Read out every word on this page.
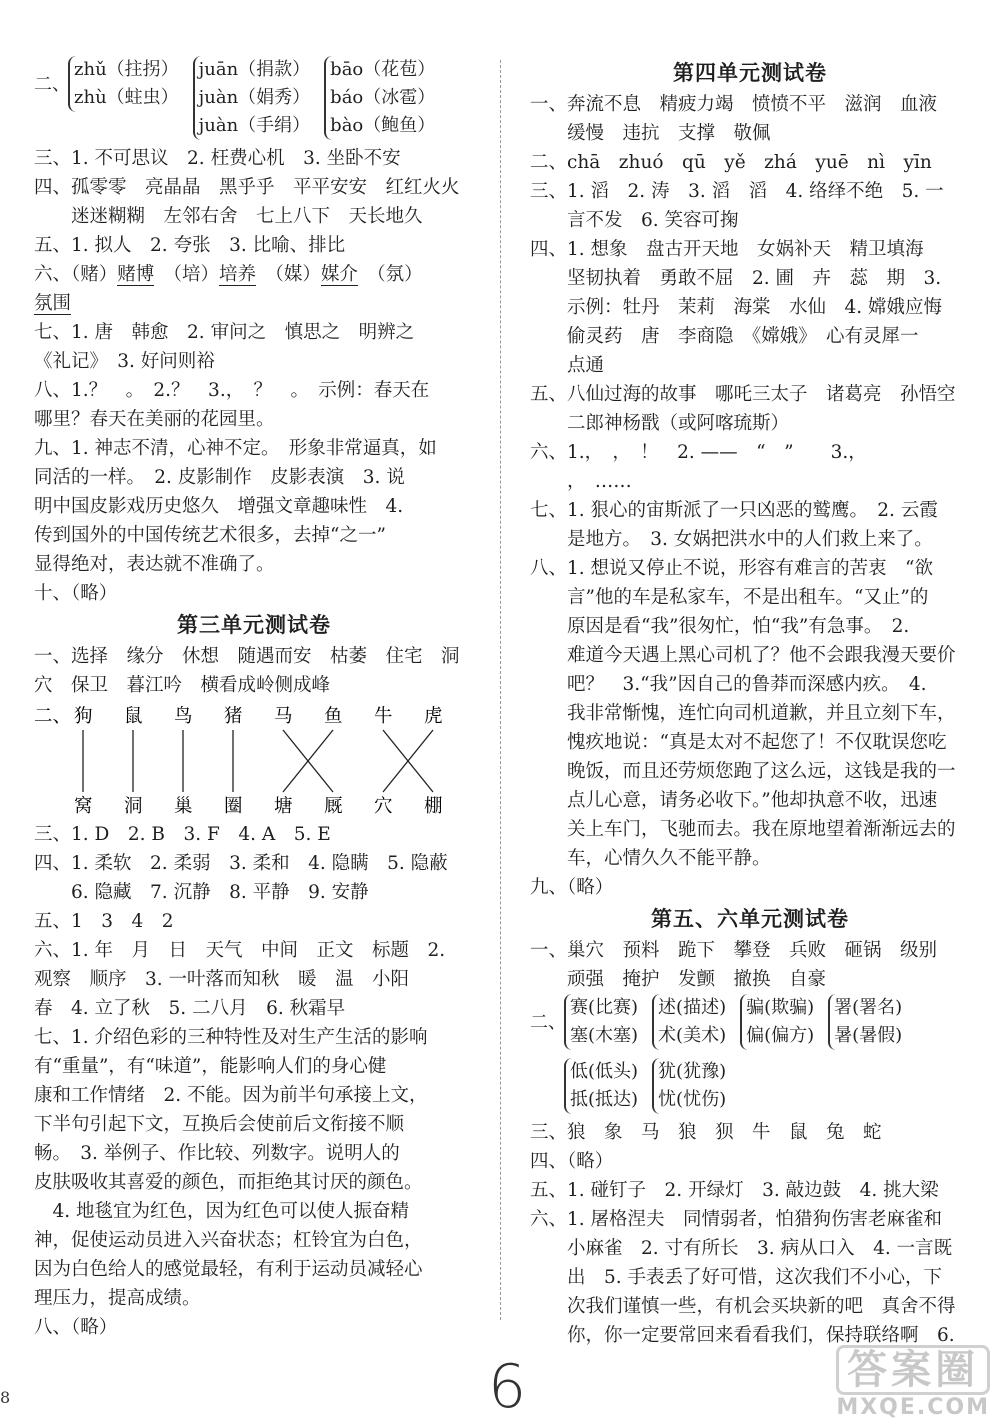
二、
zhǔ（拄拐）
zhù（蛀虫）
juān（捐款）
juàn（娟秀）
juàn（手绢）
bāo（花苞）
báo（冰雹）
bào（鲍鱼）
三、1. 不可思议　2. 枉费心机　3. 坐卧不安
四、孤零零　亮晶晶　黑乎乎　平平安安　红红火火
　　迷迷糊糊　左邻右舍　七上八下　天长地久
五、1. 拟人　2. 夸张　3. 比喻、排比
六、（赌）赌博　（培）培养　（媒）媒介　（氛）
氛围
七、1. 唐　韩愈　2. 审问之　慎思之　明辨之
《礼记》　3. 好问则裕
八、1.？　。　2.？　3.，　？　。　示例：春天在
哪里？春天在美丽的花园里。
九、1. 神志不清，心神不定。　形象非常逼真，如
同活的一样。　2. 皮影制作　皮影表演　3. 说
明中国皮影戏历史悠久　增强文章趣味性　4.
传到国外的中国传统艺术很多，去掉“之一”
显得绝对，表达就不准确了。
十、（略）
第三单元测试卷
一、选择　缘分　休想　随遇而安　枯萎　住宅　洞
穴　保卫　暮江吟　横看成岭侧成峰
二、 狗 鼠 鸟 猪 马 鱼 牛 虎
窝 洞 巢 圈 塘 厩 穴 棚
三、1. D　2. B　3. F　4. A　5. E
四、1. 柔软　2. 柔弱　3. 柔和　4. 隐瞒　5. 隐蔽
　　6. 隐藏　7. 沉静　8. 平静　9. 安静
五、1　3　4　2
六、1. 年　月　日　天气　中间　正文　标题　2.
观察　顺序　3. 一叶落而知秋　暖　温　小阳
春　4. 立了秋　5. 二八月　6. 秋霜早
七、1. 介绍色彩的三种特性及对生产生活的影响
有“重量”，有“味道”，能影响人们的身心健
康和工作情绪　2. 不能。因为前半句承接上文，
下半句引起下文，互换后会使前后文衔接不顺
畅。　3. 举例子、作比较、列数字。说明人的
皮肤吸收其喜爱的颜色，而拒绝其讨厌的颜色。
　4. 地毯宜为红色，因为红色可以使人振奋精
神，促使运动员进入兴奋状态；杠铃宜为白色，
因为白色给人的感觉最轻，有利于运动员减轻心
理压力，提高成绩。
八、（略）
第四单元测试卷
一、奔流不息　精疲力竭　愤愤不平　滋润　血液
　　缓慢　违抗　支撑　敬佩
二、chā　zhuó　qū　yě　zhá　yuē　nì　yīn
三、1. 滔　2. 涛　3. 滔　滔　4. 络绎不绝　5. 一
　　言不发　6. 笑容可掬
四、1. 想象　盘古开天地　女娲补天　精卫填海
　　坚韧执着　勇敢不屈　2. 圃　卉　蕊　期　3.
　　示例：牡丹　茉莉　海棠　水仙　4. 嫦娥应悔
　　偷灵药　唐　李商隐　《嫦娥》　心有灵犀一
　　点通
五、八仙过海的故事　哪吒三太子　诸葛亮　孙悟空
　　二郎神杨戬（或阿喀琉斯）
六、1.，　，　！　2. ——　“　”　　3.，
　　，　……
七、1. 狠心的宙斯派了一只凶恶的鹫鹰。　2. 云霞
　　是地方。　3. 女娲把洪水中的人们救上来了。
八、1. 想说又停止不说，形容有难言的苦衷　“欲
　　言”他的车是私家车，不是出租车。“又止”的
　　原因是看“我”很匆忙，怕“我”有急事。　2.
　　难道今天遇上黑心司机了？他不会跟我漫天要价
　　吧？　3.“我”因自己的鲁莽而深感内疚。　4.
　　我非常惭愧，连忙向司机道歉，并且立刻下车，
　　愧疚地说：“真是太对不起您了！不仅耽误您吃
　　晚饭，而且还劳烦您跑了这么远，这钱是我的一
　　点儿心意，请务必收下。”他却执意不收，迅速
　　关上车门，飞驰而去。我在原地望着渐渐远去的
　　车，心情久久不能平静。
九、（略）
第五、六单元测试卷
一、巢穴　预料　跪下　攀登　兵败　砸锅　级别
　　顽强　掩护　发颤　撤换　自豪
二、
赛(比赛)
塞(木塞)
述(描述)
术(美术)
骗(欺骗)
偏(偏方)
署(署名)
暑(暑假)
低(低头)
抵(抵达)
犹(犹豫)
忧(忧伤)
三、狼　象　马　狼　狈　牛　鼠　兔　蛇
四、（略）
五、1. 碰钉子　2. 开绿灯　3. 敲边鼓　4. 挑大梁
六、1. 屠格涅夫　同情弱者，怕猎狗伤害老麻雀和
　　小麻雀　2. 寸有所长　3. 病从口入　4. 一言既
　　出　5. 手表丢了好可惜，这次我们不小心，下
　　次我们谨慎一些，有机会买块新的吧　真舍不得
　　你，你一定要常回来看看我们，保持联络啊　6.
6
8
答案圈
MXQE.COM
